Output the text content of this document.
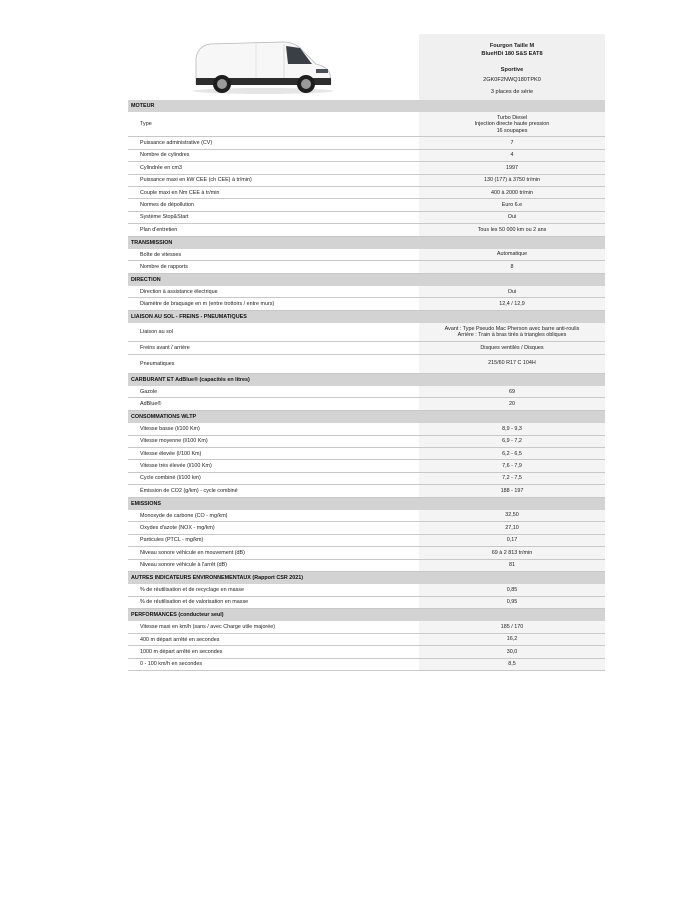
Fourgon Taille M
BlueHDi 180 S&S EAT8
Sportive
2GK0F2NWQ180TPK0
3 places de série
MOTEUR
Type
Turbo Diesel
Injection directe haute pression
16 soupapes
Puissance administrative (CV)	7
Nombre de cylindres	4
Cylindrée en cm3	1997
Puissance maxi en kW CEE (ch CEE) à tr/min)	130 (177) à 3750 tr/min
Couple maxi en Nm CEE à tr/min	400 à 2000 tr/min
Normes de dépollution	Euro 6.e
Système Stop&Start	Oui
Plan d'entretien	Tous les 50 000 km ou 2 ans
TRANSMISSION
Boîte de vitesses	Automatique
Nombre de rapports	8
DIRECTION
Direction à assistance électrique	Oui
Diamètre de braquage en m (entre trottoirs / entre murs)	12,4 / 12,9
LIAISON AU SOL - FREINS - PNEUMATIQUES
Liaison au sol
Avant : Type Pseudo Mac Pherson avec barre anti-roulis
Arrière : Train à bras tirés à triangles obliques
Freins avant / arrière	Disques ventilés / Disques
Pneumatiques	215/60 R17 C 104H
CARBURANT ET AdBlue® (capacités en litres)
Gazole	69
AdBlue®	20
CONSOMMATIONS WLTP
Vitesse basse (l/100 Km)	8,9 - 9,3
Vitesse moyenne (l/100 Km)	6,9 - 7,2
Vitesse élevée (l/100 Km)	6,2 - 6,5
Vitesse très élevée (l/100 Km)	7,6 - 7,9
Cycle combiné (l/100 km)	7,2 - 7,5
Émission de CO2 (g/km) - cycle combiné	188 - 197
EMISSIONS
Monoxyde de carbone (CO - mg/km)	32,50
Oxydes d'azote (NOX - mg/km)	27,10
Particules (PTCL - mg/km)	0,17
Niveau sonore véhicule en mouvement (dB)	69 à 2 813 tr/min
Niveau sonore véhicule à l'arrêt (dB)	81
AUTRES INDICATEURS ENVIRONNEMENTAUX (Rapport CSR 2021)
% de réutilisation et de recyclage en masse	0,85
% de réutilisation et de valorisation en masse	0,95
PERFORMANCES (conducteur seul)
Vitesse maxi en km/h (sans / avec Charge utile majorée)	185 / 170
400 m départ arrêté en secondes	16,2
1000 m départ arrêté en secondes	30,0
0 - 100 km/h en secondes	8,5
